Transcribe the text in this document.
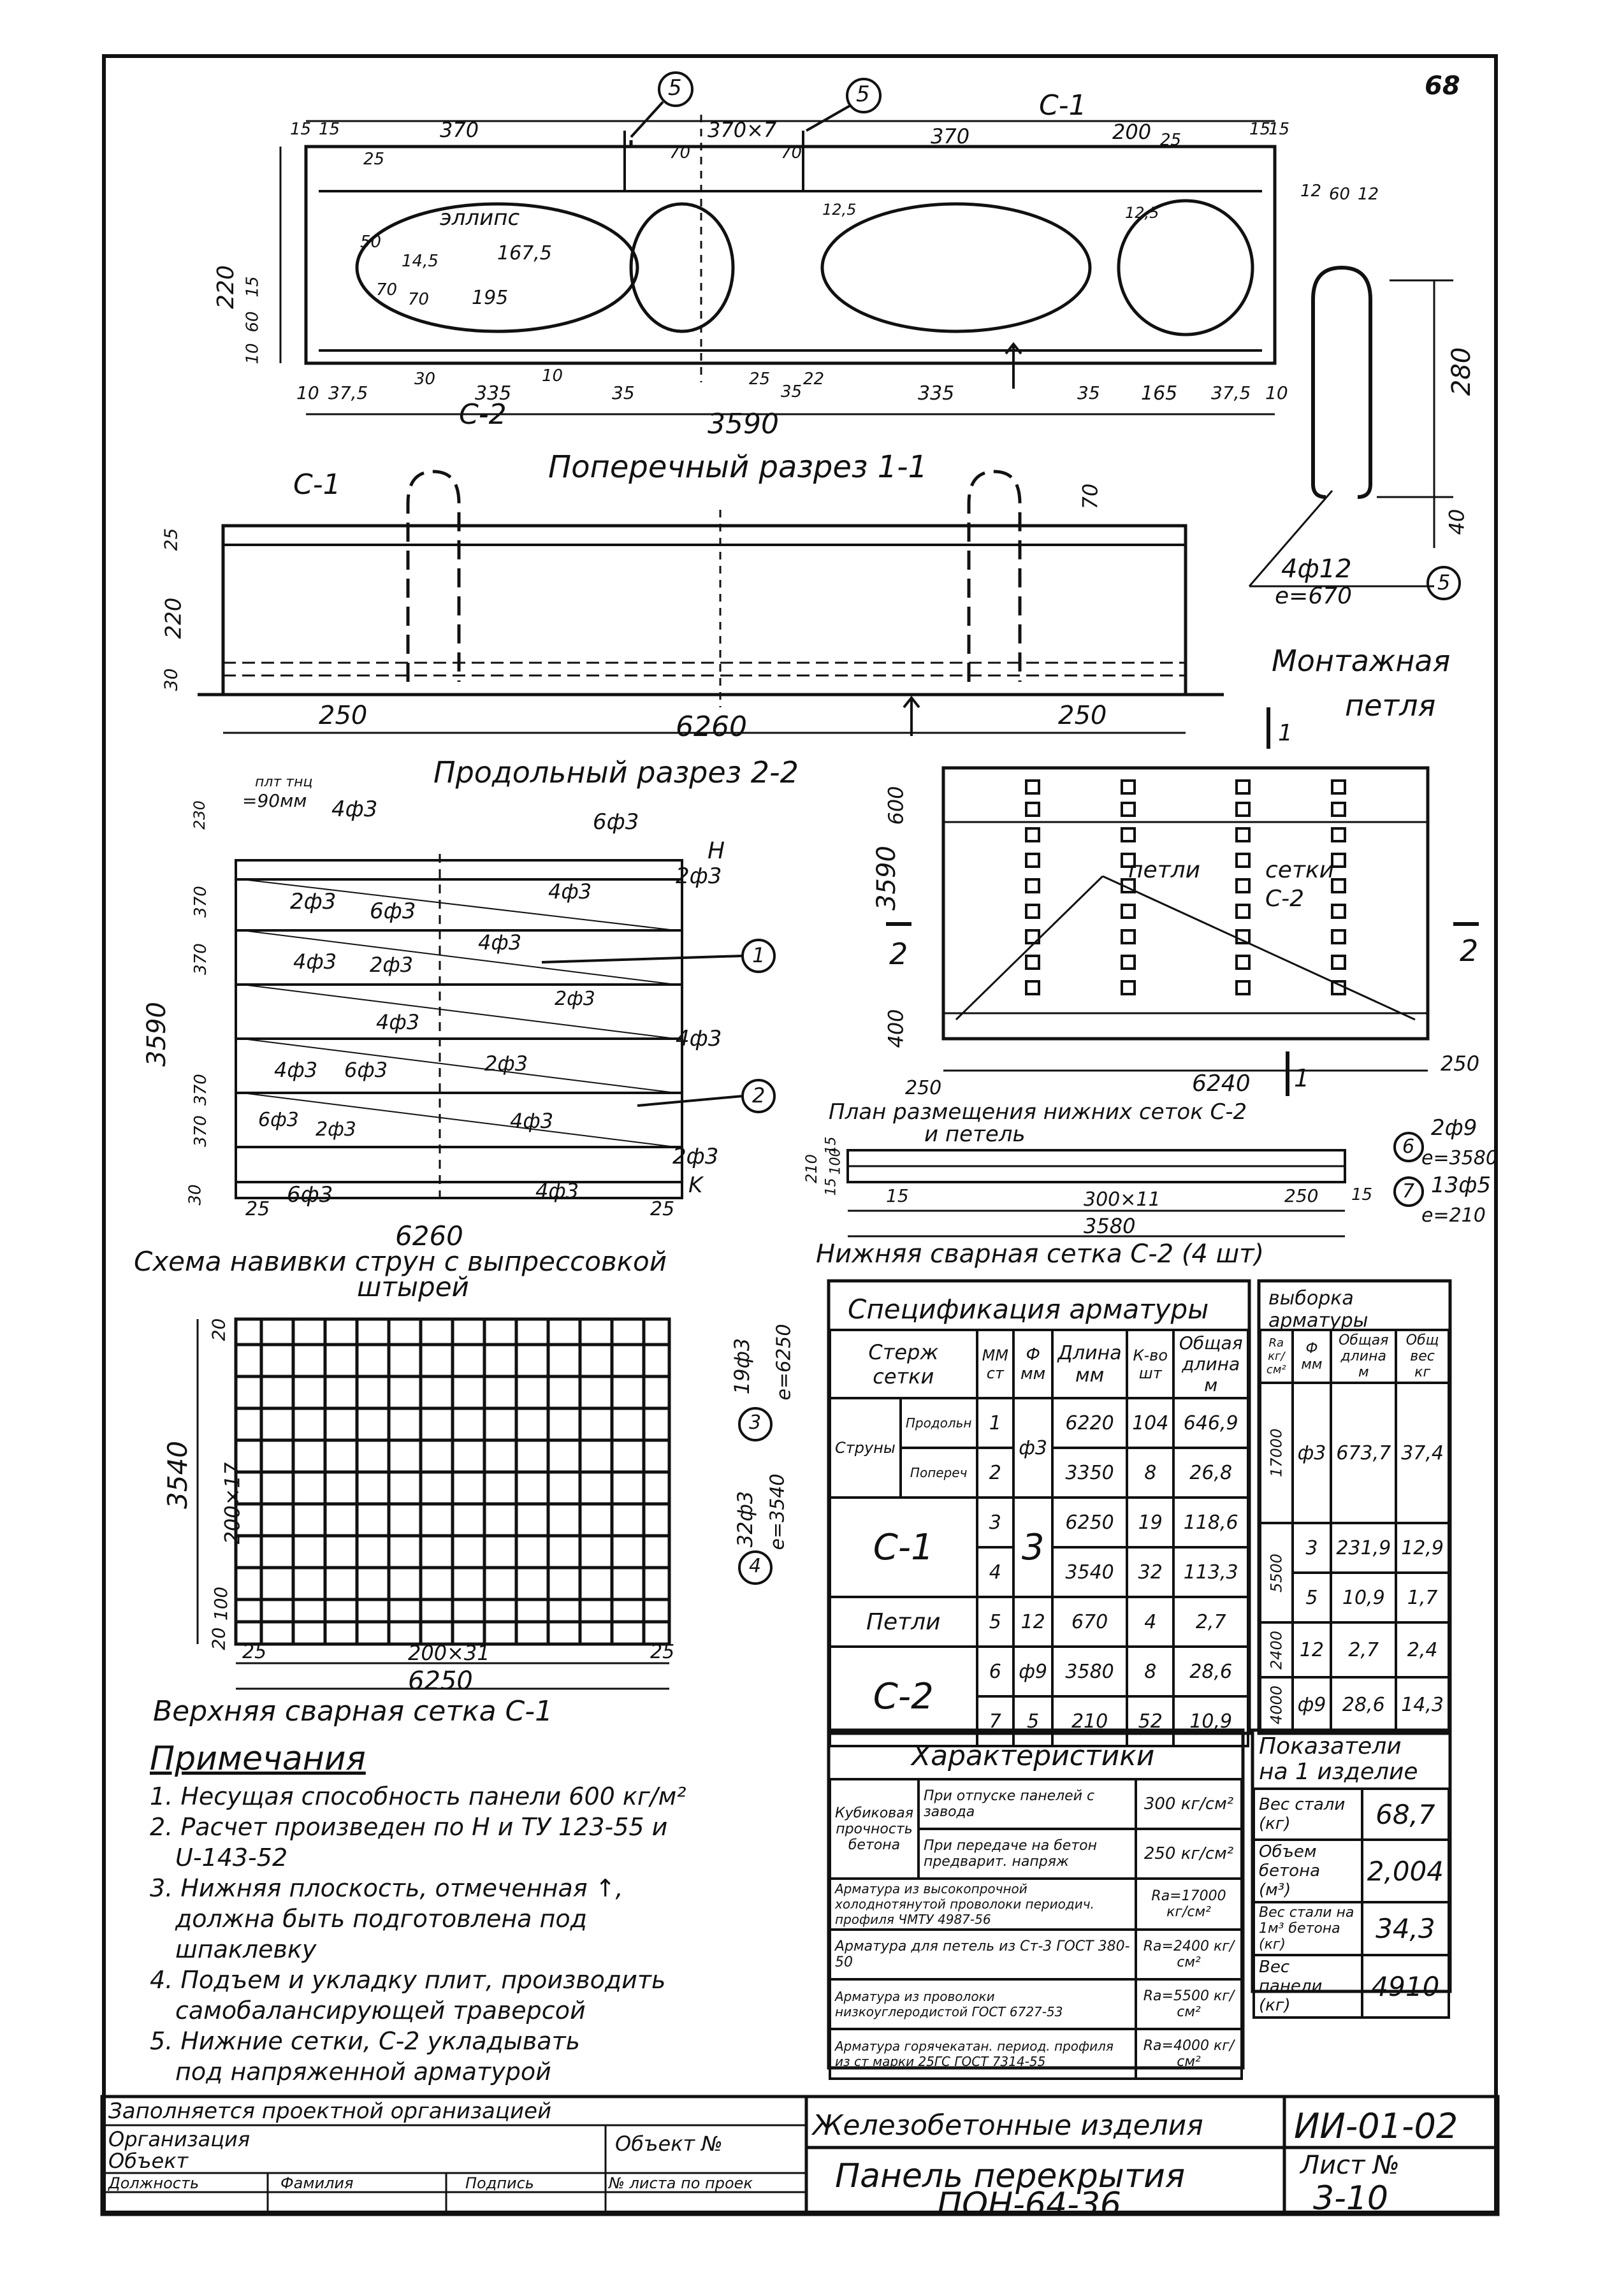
68
Поперечный разрез 1-1
3590
C-1
C-2
эллипс
5	5
15 15	370	370×7	370	200	15
15
10 37,5	335	35
25
35	335	35 165 37,5 10
220
60
15
10
25	70	70
167,5
195
50
70
14,5
70
30	10
12,5	12,5
22
25
Монтажная
петля
12 60 12
280
40
4ф12
e=670
5
Продольный разрез 2-2
C-1
25
220
30
70
250	6260	250
1
плт тнц
=90мм
Схема навивки струн с выпрессовкой
штырей
3590
25
6260
25
4ф3	6ф3
H
2ф3
2ф3 6ф3
4ф3
4ф3
2ф3
4ф3
4ф3
2ф3
4ф3
4ф3 6ф3	2ф3
4ф3
6ф3 2ф3
4ф3
2ф3
K
6ф3
1
2
230
370
370
370
370
30
План размещения нижних сеток С-2
и петель
петли	сетки
С-2
600
3590
400
250	6240
250
1
2	2
Нижняя сварная сетка С-2 (4 шт)
15	300×11	250 15
3580
210
15
100
15
2ф9
e=3580
13ф5
e=210
6
7
Верхняя сварная сетка С-1
20
200×17
3540
100
20
25	200×31	25
6250
19ф3 e=6250
32ф3 e=3540
3
4
Спецификация арматуры
Стерж сетки		ММ ст	Ф мм	Длина мм	К-во шт	Общая длина м
Струны	Продольн	1	ф3	6220	104	646,9
	Попереч	2		3350	8	26,8
C-1		3	3	6250	19	118,6
		4		3540	32	113,3
Петли		5	12	670	4	2,7
C-2		6	ф9	3580	8	28,6
		7	5	210	52	10,9
выборка арматуры
Rа кг/см²	Ф мм	Общая длина м	Общ вес кг
17000	ф3	673,7	37,4
5500	3	231,9	12,9
	5	10,9	1,7
2400	12	2,7	2,4
4000	ф9	28,6	14,3
Характеристики
Кубиковая прочность бетона	При отпуске панелей с завода	300 кг/см²
	При передаче на бетон предварит. напряж	250 кг/см²
Арматура из высокопрочной холоднотянутой проволоки периодич. профиля ЧМТУ 4987-56		Rа=17000 кг/см²
Арматура для петель из Ст-3 ГОСТ 380-50		Rа=2400 кг/см²
Арматура из проволоки низкоуглеродистой ГОСТ 6727-53		Rа=5500 кг/см²
Арматура горячекатан. период. профиля из ст марки 25ГС ГОСТ 7314-55		Rа=4000 кг/см²
Показатели
на 1 изделие
Вес стали (кг)	68,7
Объем бетона (м³)	2,004
Вес стали на 1м³ бетона (кг)	34,3
Вес панели (кг)	4910
Примечания
1. Несущая способность панели 600 кг/м²
2. Расчет произведен по Н и ТУ 123-55 и
U-143-52
3. Нижняя плоскость, отмеченная ↑,
должна быть подготовлена под
шпаклевку
4. Подъем и укладку плит, производить
самобалансирующей траверсой
5. Нижние сетки, С-2 укладывать
под напряженной арматурой
Заполняется проектной организацией
Организация
Объект
Объект №
Должность	Фамилия	Подпись	№ листа по проек
Железобетонные изделия	ИИ-01-02
Панель перекрытия
ПОН-64-36
Лист №
3-10
